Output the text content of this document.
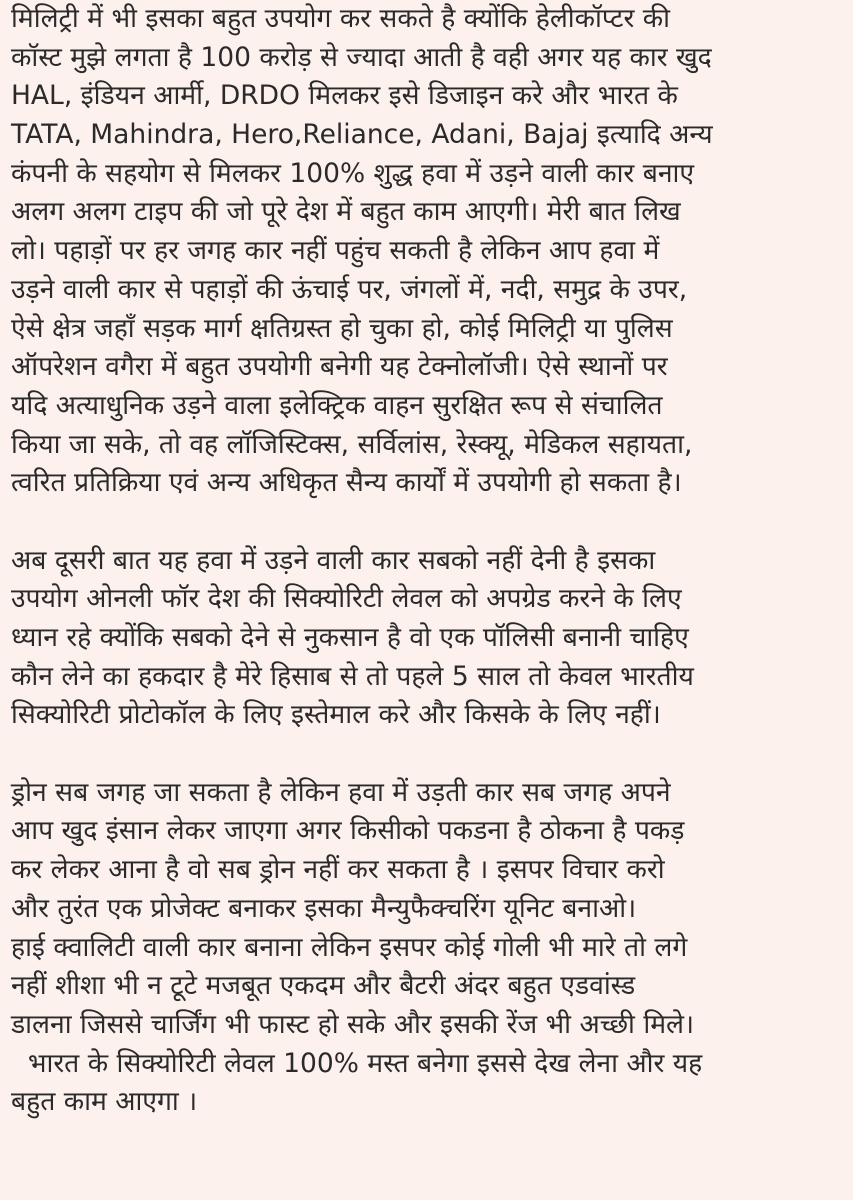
मिलिट्री में भी इसका बहुत उपयोग कर सकते है क्योंकि हेलीकॉप्टर की
कॉस्ट मुझे लगता है 100 करोड़ से ज्यादा आती है वही अगर यह कार खुद
HAL, इंडियन आर्मी, DRDO मिलकर इसे डिजाइन करे और भारत के
TATA, Mahindra, Hero,Reliance, Adani, Bajaj इत्यादि अन्य
कंपनी के सहयोग से मिलकर 100% शुद्ध हवा में उड़ने वाली कार बनाए
अलग अलग टाइप की जो पूरे देश में बहुत काम आएगी। मेरी बात लिख
लो। पहाड़ों पर हर जगह कार नहीं पहुंच सकती है लेकिन आप हवा में
उड़ने वाली कार से पहाड़ों की ऊंचाई पर, जंगलों में, नदी, समुद्र के उपर,
ऐसे क्षेत्र जहाँ सड़क मार्ग क्षतिग्रस्त हो चुका हो, कोई मिलिट्री या पुलिस
ऑपरेशन वगैरा में बहुत उपयोगी बनेगी यह टेक्नोलॉजी। ऐसे स्थानों पर
यदि अत्याधुनिक उड़ने वाला इलेक्ट्रिक वाहन सुरक्षित रूप से संचालित
किया जा सके, तो वह लॉजिस्टिक्स, सर्विलांस, रेस्क्यू, मेडिकल सहायता,
त्वरित प्रतिक्रिया एवं अन्य अधिकृत सैन्य कार्यों में उपयोगी हो सकता है।
अब दूसरी बात यह हवा में उड़ने वाली कार सबको नहीं देनी है इसका
उपयोग ओनली फॉर देश की सिक्योरिटी लेवल को अपग्रेड करने के लिए
ध्यान रहे क्योंकि सबको देने से नुकसान है वो एक पॉलिसी बनानी चाहिए
कौन लेने का हकदार है मेरे हिसाब से तो पहले 5 साल तो केवल भारतीय
सिक्योरिटी प्रोटोकॉल के लिए इस्तेमाल करे और किसके के लिए नहीं।
ड्रोन सब जगह जा सकता है लेकिन हवा में उड़ती कार सब जगह अपने
आप खुद इंसान लेकर जाएगा अगर किसीको पकडना है ठोकना है पकड़
कर लेकर आना है वो सब ड्रोन नहीं कर सकता है । इसपर विचार करो
और तुरंत एक प्रोजेक्ट बनाकर इसका मैन्युफैक्चरिंग यूनिट बनाओ।
हाई क्वालिटी वाली कार बनाना लेकिन इसपर कोई गोली भी मारे तो लगे
नहीं शीशा भी न टूटे मजबूत एकदम और बैटरी अंदर बहुत एडवांस्ड
डालना जिससे चार्जिंग भी फास्ट हो सके और इसकी रेंज भी अच्छी मिले।
भारत के सिक्योरिटी लेवल 100% मस्त बनेगा इससे देख लेना और यह
बहुत काम आएगा ।
